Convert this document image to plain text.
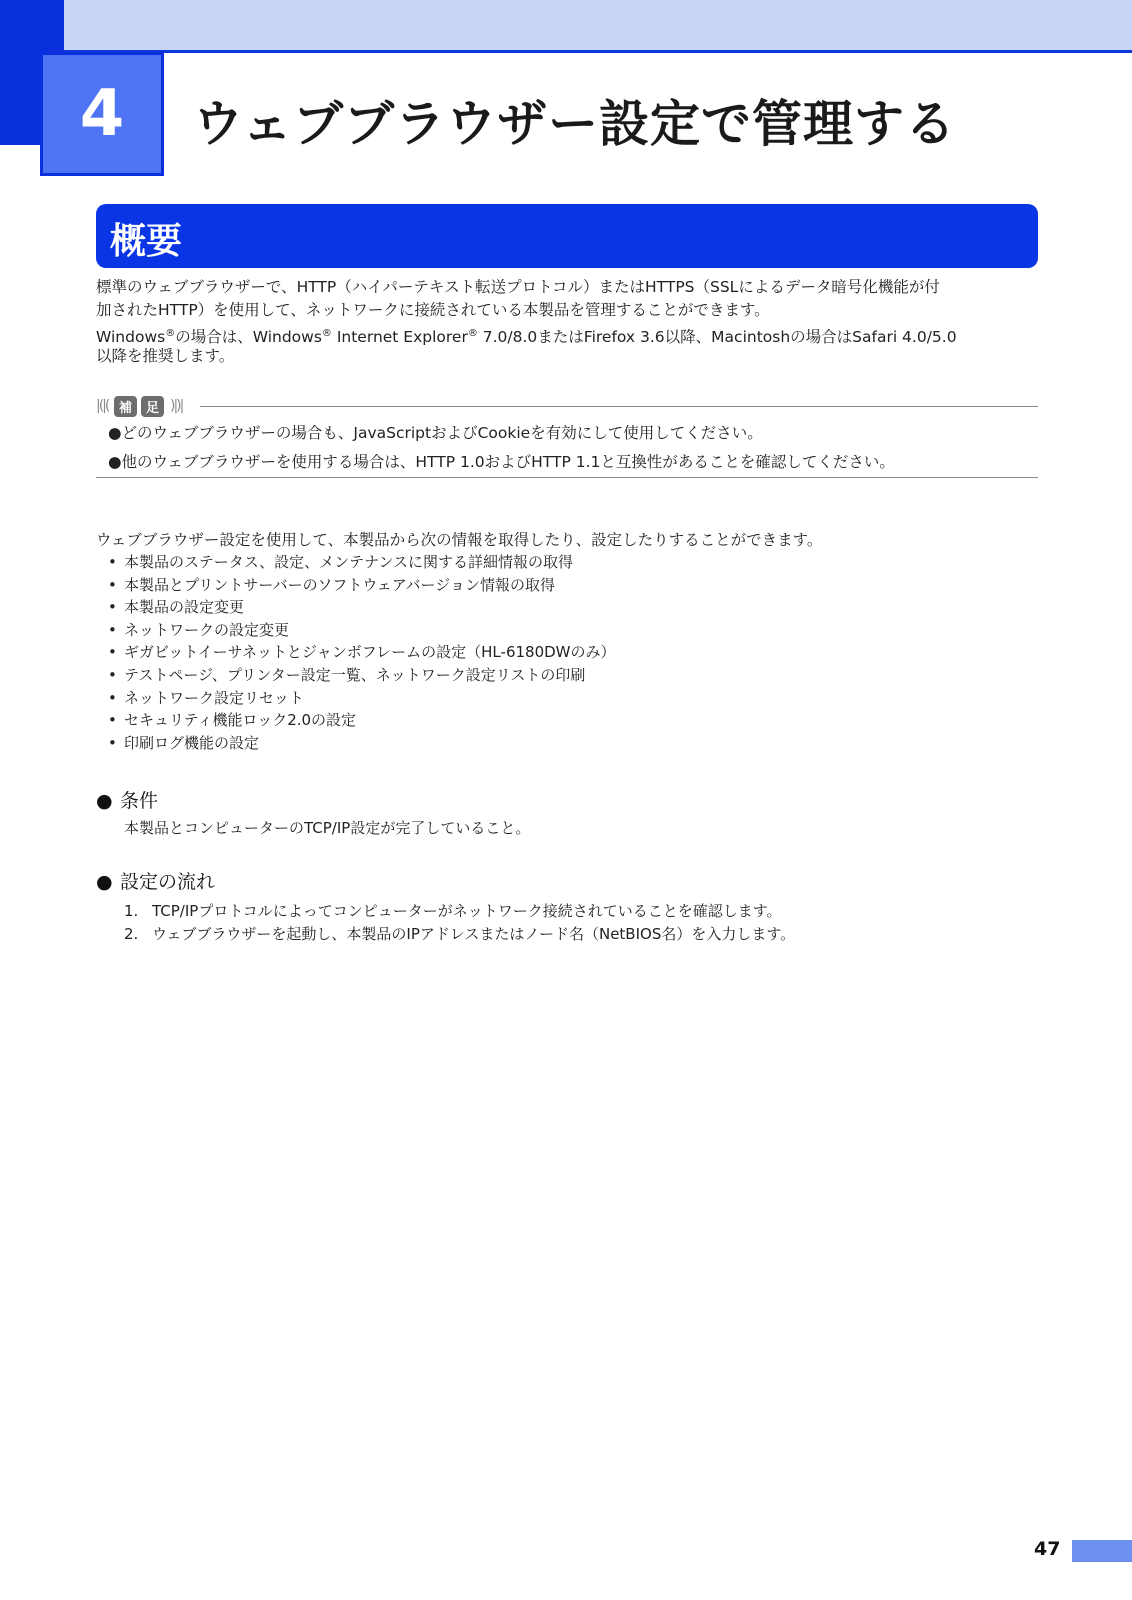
4 ウェブブラウザー設定で管理する
概要
標準のウェブブラウザーで、HTTP（ハイパーテキスト転送プロトコル）またはHTTPS（SSLによるデータ暗号化機能が付
加されたHTTP）を使用して、ネットワークに接続されている本製品を管理することができます。
Windows®の場合は、Windows® Internet Explorer® 7.0/8.0またはFirefox 3.6以降、Macintoshの場合はSafari 4.0/5.0
以降を推奨します。
|(|( 補	足 )|)|
●どのウェブブラウザーの場合も、JavaScriptおよびCookieを有効にして使用してください。
●他のウェブブラウザーを使用する場合は、HTTP 1.0およびHTTP 1.1と互換性があることを確認してください。
ウェブブラウザー設定を使用して、本製品から次の情報を取得したり、設定したりすることができます。
• 本製品のステータス、設定、メンテナンスに関する詳細情報の取得
• 本製品とプリントサーバーのソフトウェアバージョン情報の取得
• 本製品の設定変更
• ネットワークの設定変更
• ギガビットイーサネットとジャンボフレームの設定（HL-6180DWのみ）
• テストページ、プリンター設定一覧、ネットワーク設定リストの印刷
• ネットワーク設定リセット
• セキュリティ機能ロック2.0の設定
• 印刷ログ機能の設定
● 条件
本製品とコンピューターのTCP/IP設定が完了していること。
● 設定の流れ
1. TCP/IPプロトコルによってコンピューターがネットワーク接続されていることを確認します。
2. ウェブブラウザーを起動し、本製品のIPアドレスまたはノード名（NetBIOS名）を入力します。
47
